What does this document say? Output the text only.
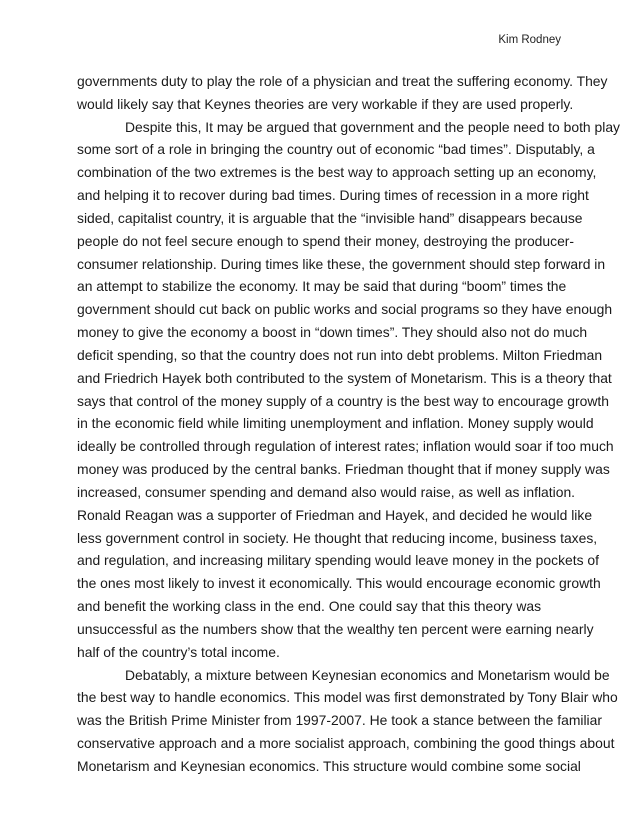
Kim Rodney
governments duty to play the role of a physician and treat the suffering economy. They
would likely say that Keynes theories are very workable if they are used properly.
Despite this, It may be argued that government and the people need to both play
some sort of a role in bringing the country out of economic “bad times”. Disputably, a
combination of the two extremes is the best way to approach setting up an economy,
and helping it to recover during bad times. During times of recession in a more right
sided, capitalist country, it is arguable that the “invisible hand” disappears because
people do not feel secure enough to spend their money, destroying the producer-
consumer relationship. During times like these, the government should step forward in
an attempt to stabilize the economy. It may be said that during “boom” times the
government should cut back on public works and social programs so they have enough
money to give the economy a boost in “down times”. They should also not do much
deficit spending, so that the country does not run into debt problems. Milton Friedman
and Friedrich Hayek both contributed to the system of Monetarism. This is a theory that
says that control of the money supply of a country is the best way to encourage growth
in the economic field while limiting unemployment and inflation. Money supply would
ideally be controlled through regulation of interest rates; inflation would soar if too much
money was produced by the central banks. Friedman thought that if money supply was
increased, consumer spending and demand also would raise, as well as inflation.
Ronald Reagan was a supporter of Friedman and Hayek, and decided he would like
less government control in society. He thought that reducing income, business taxes,
and regulation, and increasing military spending would leave money in the pockets of
the ones most likely to invest it economically. This would encourage economic growth
and benefit the working class in the end. One could say that this theory was
unsuccessful as the numbers show that the wealthy ten percent were earning nearly
half of the country’s total income.
Debatably, a mixture between Keynesian economics and Monetarism would be
the best way to handle economics. This model was first demonstrated by Tony Blair who
was the British Prime Minister from 1997-2007. He took a stance between the familiar
conservative approach and a more socialist approach, combining the good things about
Monetarism and Keynesian economics. This structure would combine some social
